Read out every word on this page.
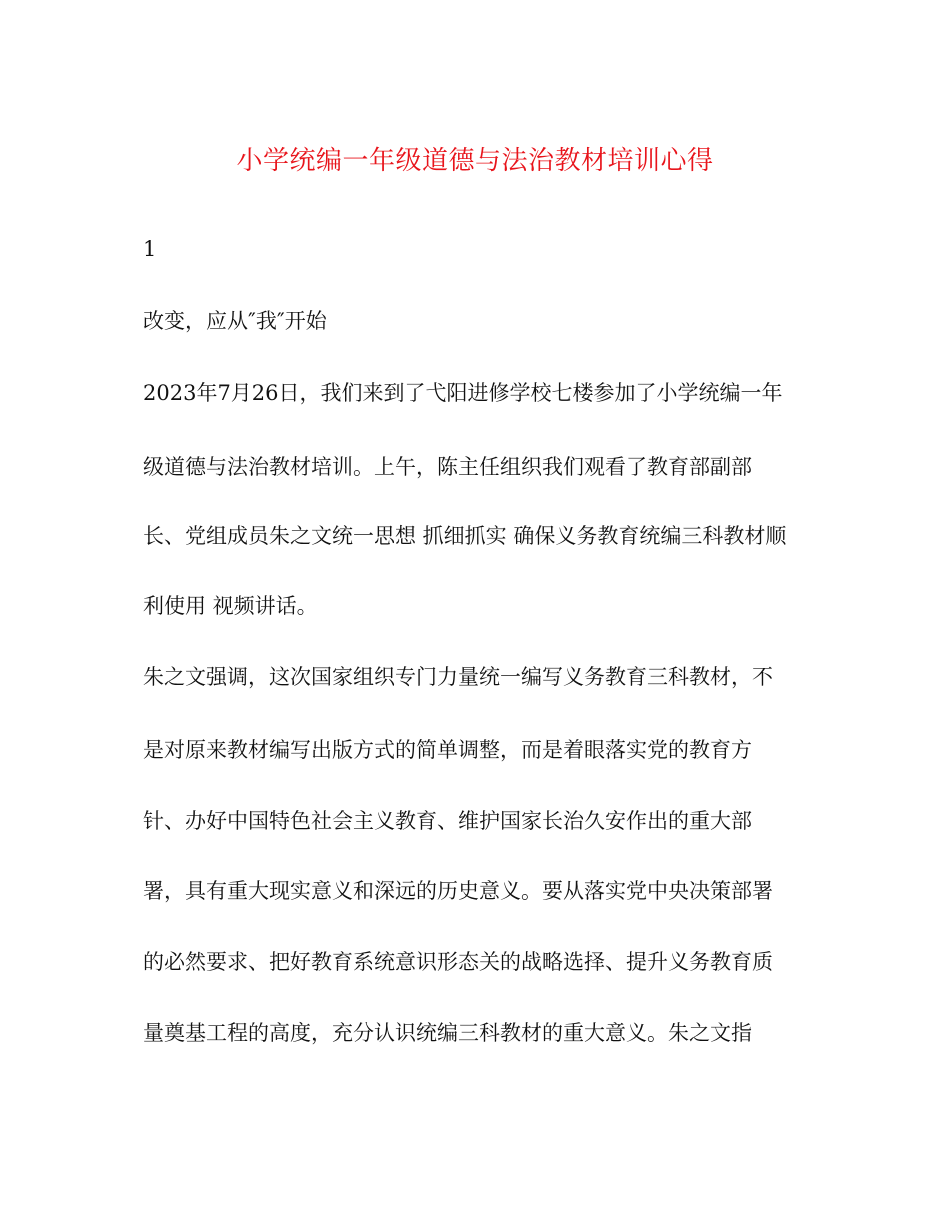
小学统编一年级道德与法治教材培训心得
1
改变，应从″我″开始
2023年7月26日，我们来到了弋阳进修学校七楼参加了小学统编一年
级道德与法治教材培训。上午，陈主任组织我们观看了教育部副部
长、党组成员朱之文统一思想 抓细抓实 确保义务教育统编三科教材顺
利使用 视频讲话。
朱之文强调，这次国家组织专门力量统一编写义务教育三科教材，不
是对原来教材编写出版方式的简单调整，而是着眼落实党的教育方
针、办好中国特色社会主义教育、维护国家长治久安作出的重大部
署，具有重大现实意义和深远的历史意义。要从落实党中央决策部署
的必然要求、把好教育系统意识形态关的战略选择、提升义务教育质
量奠基工程的高度，充分认识统编三科教材的重大意义。朱之文指
